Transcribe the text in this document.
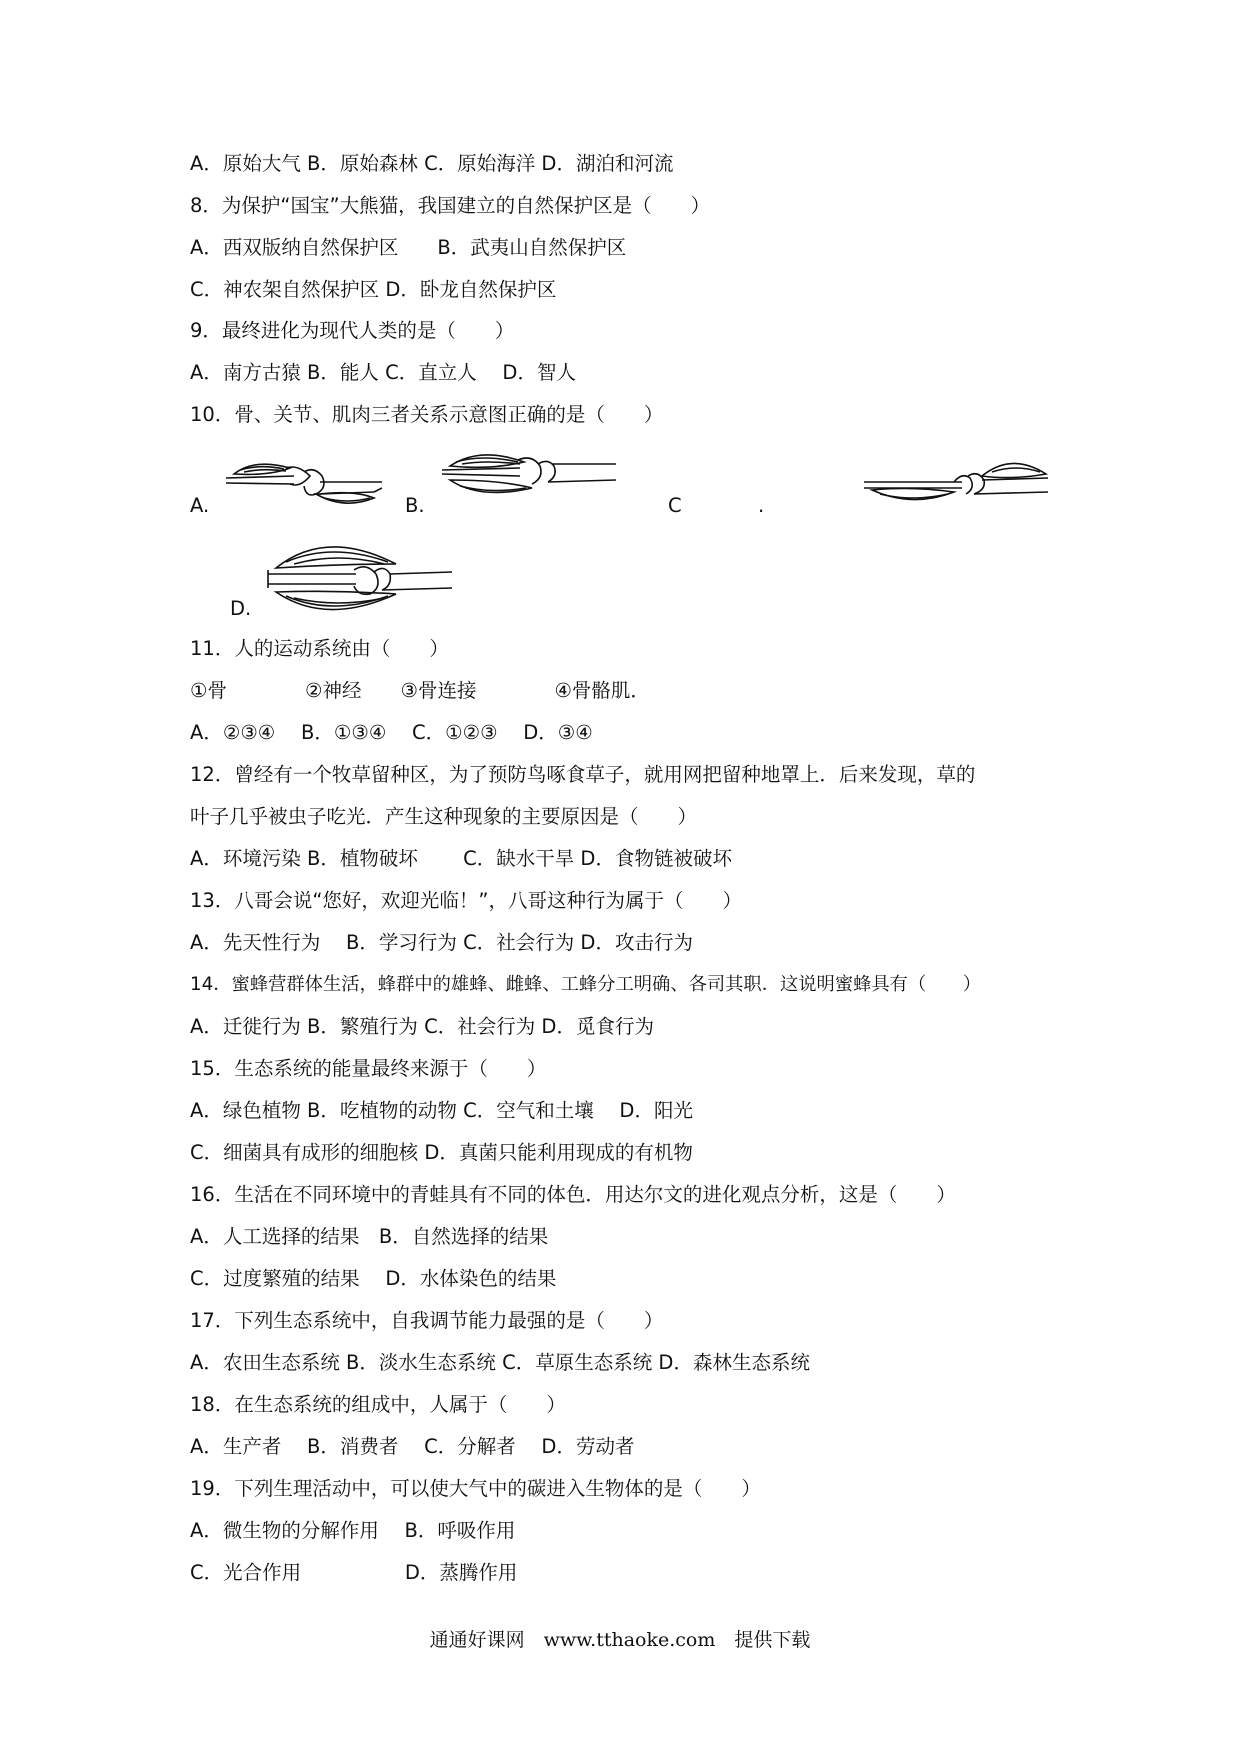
A．原始大气 B．原始森林 C．原始海洋 D．湖泊和河流
8．为保护“国宝”大熊猫，我国建立的自然保护区是（　　）
A．西双版纳自然保护区　　B．武夷山自然保护区
C．神农架自然保护区 D．卧龙自然保护区
9．最终进化为现代人类的是（　　）
A．南方古猿 B．能人 C．直立人　 D．智人
10．骨、关节、肌肉三者关系示意图正确的是（　　）
A.	B.	C	.
D.
11．人的运动系统由（　　）
①骨　　　　②神经　　③骨连接　　　　④骨骼肌．
A．②③④　 B．①③④　 C．①②③　 D．③④
12．曾经有一个牧草留种区，为了预防鸟啄食草子，就用网把留种地罩上．后来发现，草的
叶子几乎被虫子吃光．产生这种现象的主要原因是（　　）
A．环境污染 B．植物破坏　　 C．缺水干旱 D．食物链被破坏
13．八哥会说“您好，欢迎光临！”，八哥这种行为属于（　　）
A．先天性行为　 B．学习行为 C．社会行为 D．攻击行为
14．蜜蜂营群体生活，蜂群中的雄蜂、雌蜂、工蜂分工明确、各司其职．这说明蜜蜂具有（　　）
A．迁徙行为 B．繁殖行为 C．社会行为 D．觅食行为
15．生态系统的能量最终来源于（　　）
A．绿色植物 B．吃植物的动物 C．空气和土壤　 D．阳光
C．细菌具有成形的细胞核 D．真菌只能利用现成的有机物
16．生活在不同环境中的青蛙具有不同的体色．用达尔文的进化观点分析，这是（　　）
A．人工选择的结果　B．自然选择的结果
C．过度繁殖的结果　 D．水体染色的结果
17．下列生态系统中，自我调节能力最强的是（　　）
A．农田生态系统 B．淡水生态系统 C．草原生态系统 D．森林生态系统
18．在生态系统的组成中，人属于（　　）
A．生产者　 B．消费者　 C．分解者　 D．劳动者
19．下列生理活动中，可以使大气中的碳进入生物体的是（　　）
A．微生物的分解作用　 B．呼吸作用
C．光合作用　　　　　 D．蒸腾作用
通通好课网　www.tthaoke.com　提供下载
